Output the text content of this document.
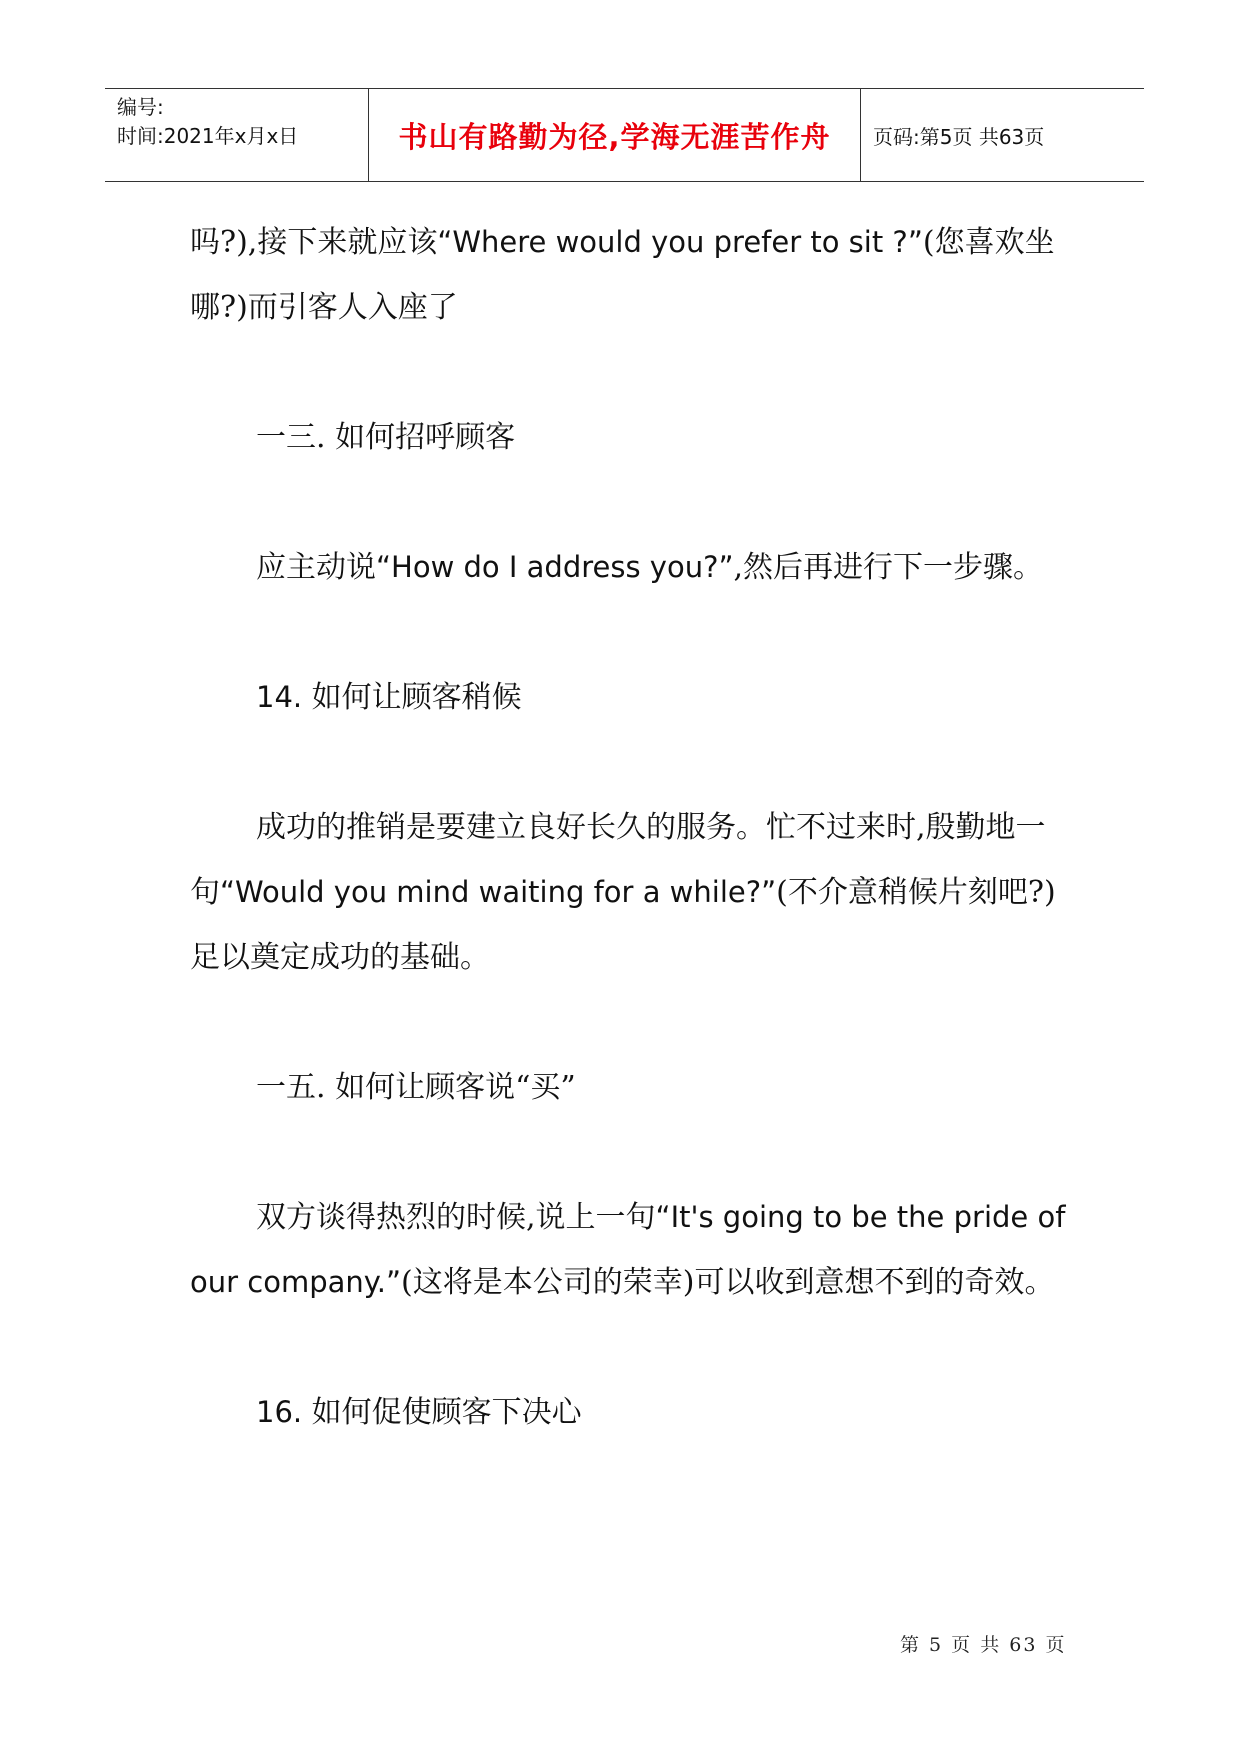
编号:
时间:2021年x月x日	书山有路勤为径,学海无涯苦作舟	页码:第5页 共63页

吗?),接下来就应该“Where would you prefer to sit ?”(您喜欢坐哪?)而引客人入座了

一三. 如何招呼顾客

应主动说“How do I address you?”,然后再进行下一步骤。

14. 如何让顾客稍候

成功的推销是要建立良好长久的服务。忙不过来时,殷勤地一句“Would you mind waiting for a while?”(不介意稍候片刻吧?)足以奠定成功的基础。

一五. 如何让顾客说“买”

双方谈得热烈的时候,说上一句“It's going to be the pride of our company.”(这将是本公司的荣幸)可以收到意想不到的奇效。

16. 如何促使顾客下决心

第 5 页 共 63 页
